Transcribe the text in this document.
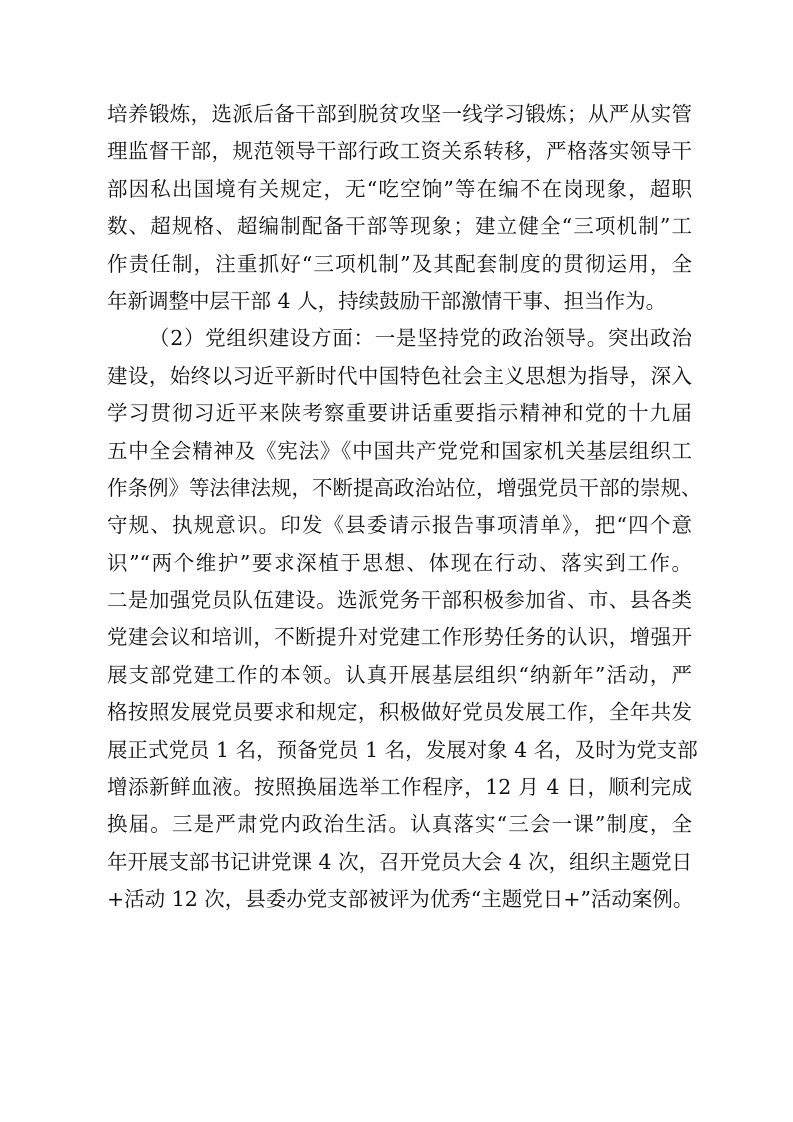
培养锻炼，选派后备干部到脱贫攻坚一线学习锻炼；从严从实管
理监督干部，规范领导干部行政工资关系转移，严格落实领导干
部因私出国境有关规定，无“吃空饷”等在编不在岗现象，超职
数、超规格、超编制配备干部等现象；建立健全“三项机制”工
作责任制，注重抓好“三项机制”及其配套制度的贯彻运用，全
年新调整中层干部 4 人，持续鼓励干部激情干事、担当作为。
（2）党组织建设方面：一是坚持党的政治领导。突出政治
建设，始终以习近平新时代中国特色社会主义思想为指导，深入
学习贯彻习近平来陕考察重要讲话重要指示精神和党的十九届
五中全会精神及《宪法》《中国共产党党和国家机关基层组织工
作条例》等法律法规，不断提高政治站位，增强党员干部的崇规、
守规、执规意识。印发《县委请示报告事项清单》，把“四个意
识”“两个维护”要求深植于思想、体现在行动、落实到工作。
二是加强党员队伍建设。选派党务干部积极参加省、市、县各类
党建会议和培训，不断提升对党建工作形势任务的认识，增强开
展支部党建工作的本领。认真开展基层组织“纳新年”活动，严
格按照发展党员要求和规定，积极做好党员发展工作，全年共发
展正式党员 1 名，预备党员 1 名，发展对象 4 名，及时为党支部
增添新鲜血液。按照换届选举工作程序，12 月 4 日，顺利完成
换届。三是严肃党内政治生活。认真落实“三会一课”制度，全
年开展支部书记讲党课 4 次，召开党员大会 4 次，组织主题党日
+活动 12 次，县委办党支部被评为优秀“主题党日+”活动案例。
